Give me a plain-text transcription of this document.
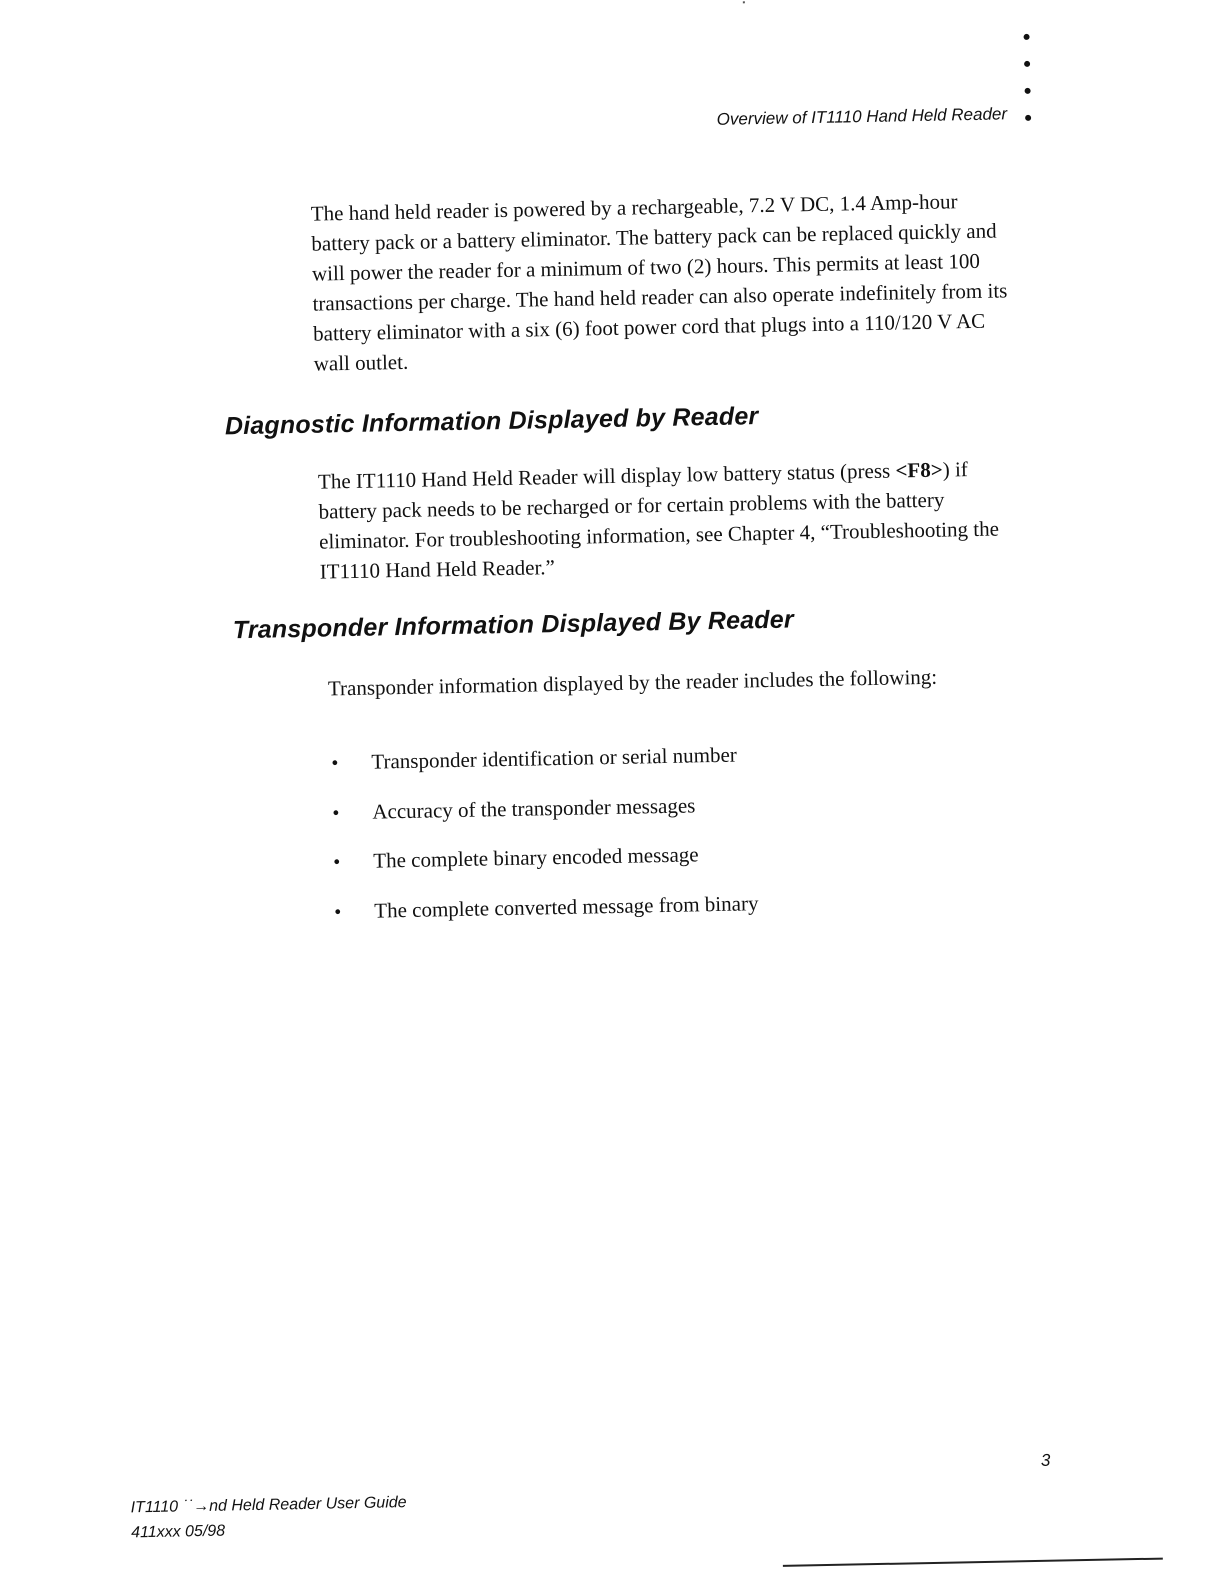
Overview of IT1110 Hand Held Reader

The hand held reader is powered by a rechargeable, 7.2 V DC, 1.4 Amp-hour battery pack or a battery eliminator. The battery pack can be replaced quickly and will power the reader for a minimum of two (2) hours. This permits at least 100 transactions per charge. The hand held reader can also operate indefinitely from its battery eliminator with a six (6) foot power cord that plugs into a 110/120 V AC wall outlet.

Diagnostic Information Displayed by Reader

The IT1110 Hand Held Reader will display low battery status (press <F8>) if battery pack needs to be recharged or for certain problems with the battery eliminator. For troubleshooting information, see Chapter 4, “Troubleshooting the IT1110 Hand Held Reader.”

Transponder Information Displayed By Reader

Transponder information displayed by the reader includes the following:

•	Transponder identification or serial number
•	Accuracy of the transponder messages
•	The complete binary encoded message
•	The complete converted message from binary
3
IT1110 ˙˙→nd Held Reader User Guide
411xxx 05/98
